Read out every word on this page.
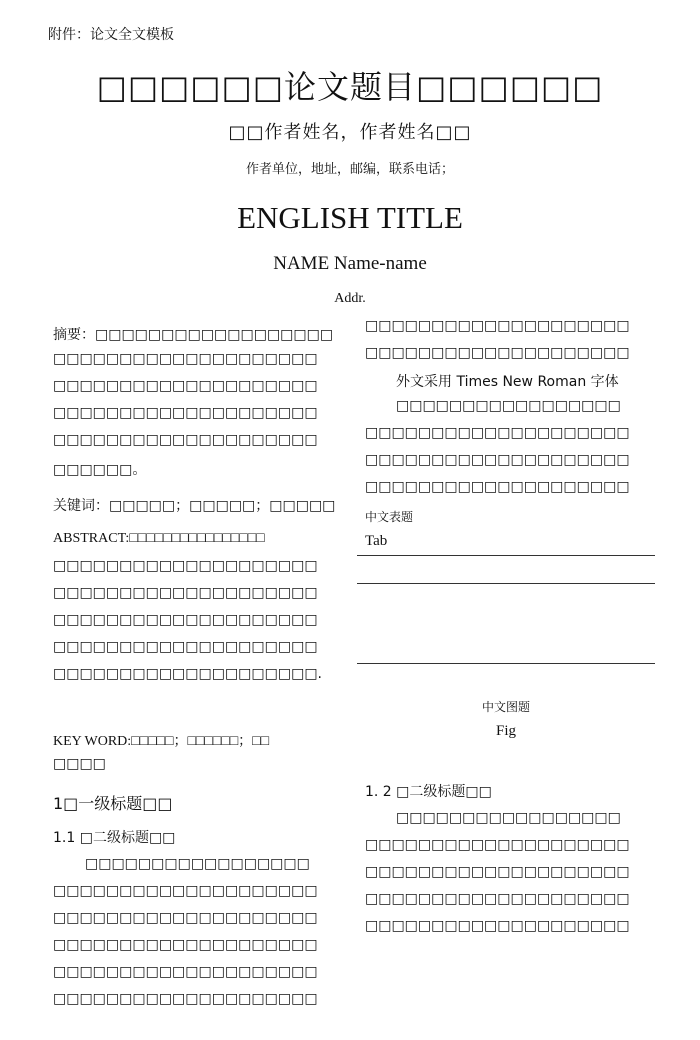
附件：论文全文模板
□□□□□□论文题目□□□□□□
□□作者姓名，作者姓名□□
作者单位，地址，邮编，联系电话；
ENGLISH TITLE
NAME Name-name
Addr.
摘要：□□□□□□□□□□□□□□□□□□
□□□□□□□□□□□□□□□□□□□□
□□□□□□□□□□□□□□□□□□□□
□□□□□□□□□□□□□□□□□□□□
□□□□□□□□□□□□□□□□□□□□
□□□□□□。
关键词：□□□□□；□□□□□；□□□□□
ABSTRACT:□□□□□□□□□□□□□□□□
□□□□□□□□□□□□□□□□□□□□
□□□□□□□□□□□□□□□□□□□□
□□□□□□□□□□□□□□□□□□□□
□□□□□□□□□□□□□□□□□□□□
□□□□□□□□□□□□□□□□□□□□.
KEY WORD:□□□□□；□□□□□□；□□
□□□□
1□一级标题□□
1.1 □二级标题□□
□□□□□□□□□□□□□□□□□
□□□□□□□□□□□□□□□□□□□□
□□□□□□□□□□□□□□□□□□□□
□□□□□□□□□□□□□□□□□□□□
□□□□□□□□□□□□□□□□□□□□
□□□□□□□□□□□□□□□□□□□□
□□□□□□□□□□□□□□□□□□□□
□□□□□□□□□□□□□□□□□□□□
外文采用 Times New Roman 字体
□□□□□□□□□□□□□□□□□
□□□□□□□□□□□□□□□□□□□□
□□□□□□□□□□□□□□□□□□□□
□□□□□□□□□□□□□□□□□□□□
中文表题
Tab
中文图题
Fig
1. 2 □二级标题□□
□□□□□□□□□□□□□□□□□
□□□□□□□□□□□□□□□□□□□□
□□□□□□□□□□□□□□□□□□□□
□□□□□□□□□□□□□□□□□□□□
□□□□□□□□□□□□□□□□□□□□
